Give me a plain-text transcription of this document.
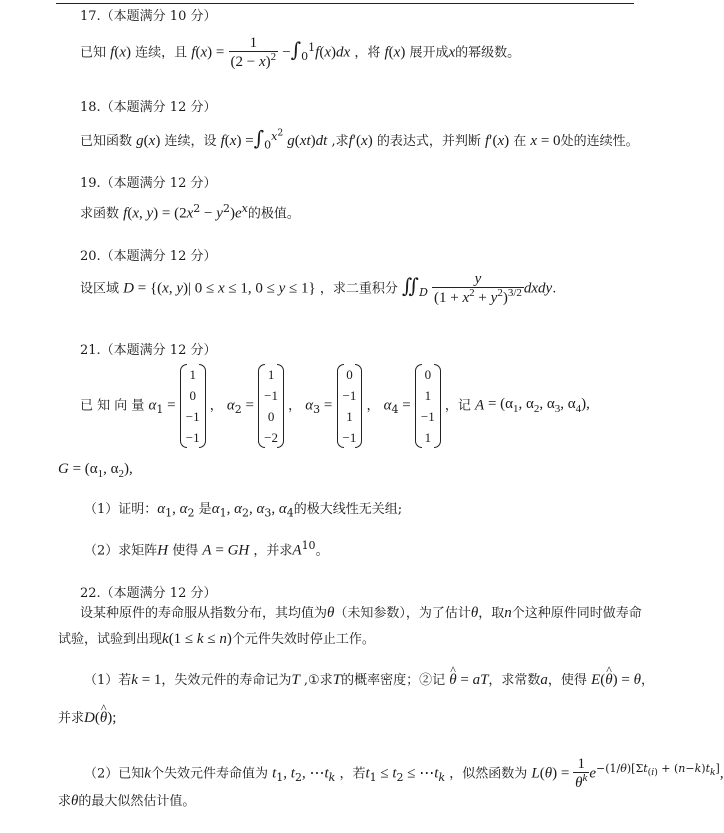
17.（本题满分 10 分）
已知 f(x) 连续，且 $f(x) = \frac{1}{(2 - x)^2} -\int_0^1f(x)dx$ ，将 f(x) 展开成x的幂级数。
18.（本题满分 12 分）
已知函数 g(x) 连续，设 $f(x) =\int_0^{x^2}$ g(xt)dt ,求f′(x) 的表达式，并判断 f′(x) 在 x = 0处的连续性。
19.（本题满分 12 分）
求函数 f(x, $y) = (2x^2 - y^2)e^x$的极值。
20.（本题满分 12 分）
设区域 D = {(x, y)| 0 ≤ x ≤ 1, 0 ≤ y ≤ 1} ，求二重积分 $∬_D \frac{y}{(1 + x^2 + y^2)^{3/2}}$ dxdy.
21.（本题满分 12 分）
已 知 向 量 $\alpha_1$ =
1
0
−1
−1
， $\alpha_2$ =
1
−1
0
−2
， $\alpha_3$ =
0
−1
1
−1
， $\alpha_4$ =
0
1
−1
1
，记 $A = (\alpha_1$, $\alpha_2$, $\alpha_3$, $\alpha_4$),
$G = (\alpha_1$, $\alpha_2$),
（1）证明：$\alpha_1$, $\alpha_2$ 是$\alpha_1$, $\alpha_2$, $\alpha_3$, $\alpha_4$的极大线性无关组;
（2）求矩阵H 使得 A = GH ，并求$A^{10}$。
22.（本题满分 12 分）
设某种原件的寿命服从指数分布，其均值为θ（未知参数），为了估计θ，取n个这种原件同时做寿命
试验，试验到出现k(1 ≤ k ≤ n)个元件失效时停止工作。
（1）若k = 1，失效元件的寿命记为T ,①求T的概率密度；②记 ^ θ = aT，求常数a，使得 E(^ θ) = θ，
并求D(^ θ);
（2）已知k个失效元件寿命值为 $t_1$, $t_2$, $\cdots t_k$ ，若$t_1 \le t_2$ ≤ $\cdots t_k$ ，似然函数为 $L(\theta) = \frac{1}{\theta^k} e^{-(1/\theta)[\Sigma t_{(i)} + (n-k)t_k]}$,
求θ的最大似然估计值。
